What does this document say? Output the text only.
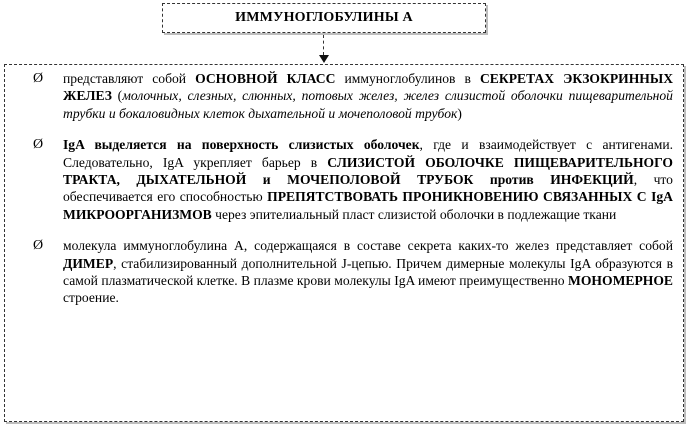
ИММУНОГЛОБУЛИНЫ А
Ø	представляют собой ОСНОВНОЙ КЛАСС иммуноглобулинов в СЕКРЕТАХ ЭКЗОКРИННЫХ ЖЕЛЕЗ (молочных, слезных, слюнных, потовых желез, желез слизистой оболочки пищеварительной трубки и бокаловидных клеток дыхательной и мочеполовой трубок)
Ø	IgA выделяется на поверхность слизистых оболочек, где и взаимодействует с антигенами. Следовательно, IgA укрепляет барьер в СЛИЗИСТОЙ ОБОЛОЧКЕ ПИЩЕВАРИТЕЛЬНОГО ТРАКТА, ДЫХАТЕЛЬНОЙ и МОЧЕПОЛОВОЙ ТРУБОК против ИНФЕКЦИЙ, что обеспечивается его способностью ПРЕПЯТСТВОВАТЬ ПРОНИКНОВЕНИЮ СВЯЗАННЫХ С IgA МИКРООРГАНИЗМОВ через эпителиальный пласт слизистой оболочки в подлежащие ткани
Ø	молекула иммуноглобулина А, содержащаяся в составе секрета каких-то желез представляет собой ДИМЕР, стабилизированный дополнительной J-цепью. Причем димерные молекулы IgA образуются в самой плазматической клетке. В плазме крови молекулы IgA имеют преимущественно МОНОМЕРНОЕ строение.
